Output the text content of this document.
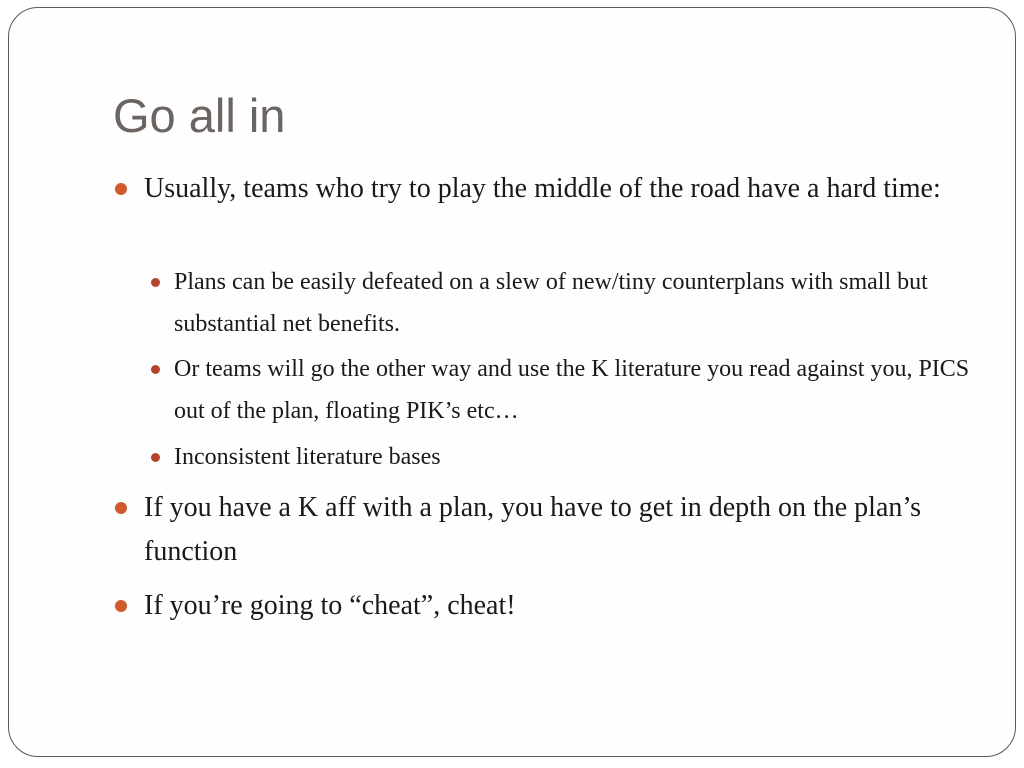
Go all in
Usually, teams who try to play the middle of the road have a hard time:
Plans can be easily defeated on a slew of new/tiny counterplans with small but substantial net benefits.
Or teams will go the other way and use the K literature you read against you, PICS out of the plan, floating PIK’s etc…
Inconsistent literature bases
If you have a K aff with a plan, you have to get in depth on the plan’s function
If you’re going to “cheat”, cheat!
